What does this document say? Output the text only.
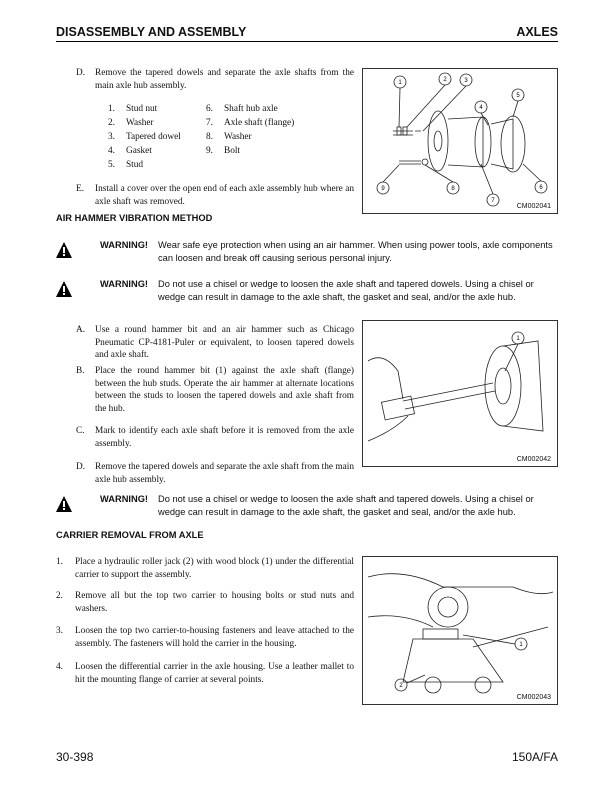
DISASSEMBLY AND ASSEMBLY	AXLES
D.	Remove the tapered dowels and separate the axle shafts from the main axle hub assembly.
1.	Stud nut	6.	Shaft hub axle
2.	Washer	7.	Axle shaft (flange)
3.	Tapered dowel	8.	Washer
4.	Gasket	9.	Bolt
5.	Stud
E.	Install a cover over the open end of each axle assembly hub where an axle shaft was removed.
1	2	3
4
5
6
7
8
9
CM002041
AIR HAMMER VIBRATION METHOD
WARNING!	Wear safe eye protection when using an air hammer. When using power tools, axle components can loosen and break off causing serious personal injury.
WARNING!	Do not use a chisel or wedge to loosen the axle shaft and tapered dowels. Using a chisel or wedge can result in damage to the axle shaft, the gasket and seal, and/or the axle hub.
A.	Use a round hammer bit and an air hammer such as Chicago Pneumatic CP-4181-Puler or equivalent, to loosen tapered dowels and axle shaft.
B.	Place the round hammer bit (1) against the axle shaft (flange) between the hub studs. Operate the air hammer at alternate locations between the studs to loosen the tapered dowels and axle shaft from the hub.
C.	Mark to identify each axle shaft before it is removed from the axle assembly.
D.	Remove the tapered dowels and separate the axle shaft from the main axle hub assembly.
1
CM002042
WARNING!	Do not use a chisel or wedge to loosen the axle shaft and tapered dowels. Using a chisel or wedge can result in damage to the axle shaft, the gasket and seal, and/or the axle hub.
CARRIER REMOVAL FROM AXLE
1.	Place a hydraulic roller jack (2) with wood block (1) under the differential carrier to support the assembly.
2.	Remove all but the top two carrier to housing bolts or stud nuts and washers.
3.	Loosen the top two carrier-to-housing fasteners and leave attached to the assembly. The fasteners will hold the carrier in the housing.
4.	Loosen the differential carrier in the axle housing. Use a leather mallet to hit the mounting flange of carrier at several points.
1
2
CM002043
30-398	150A/FA
